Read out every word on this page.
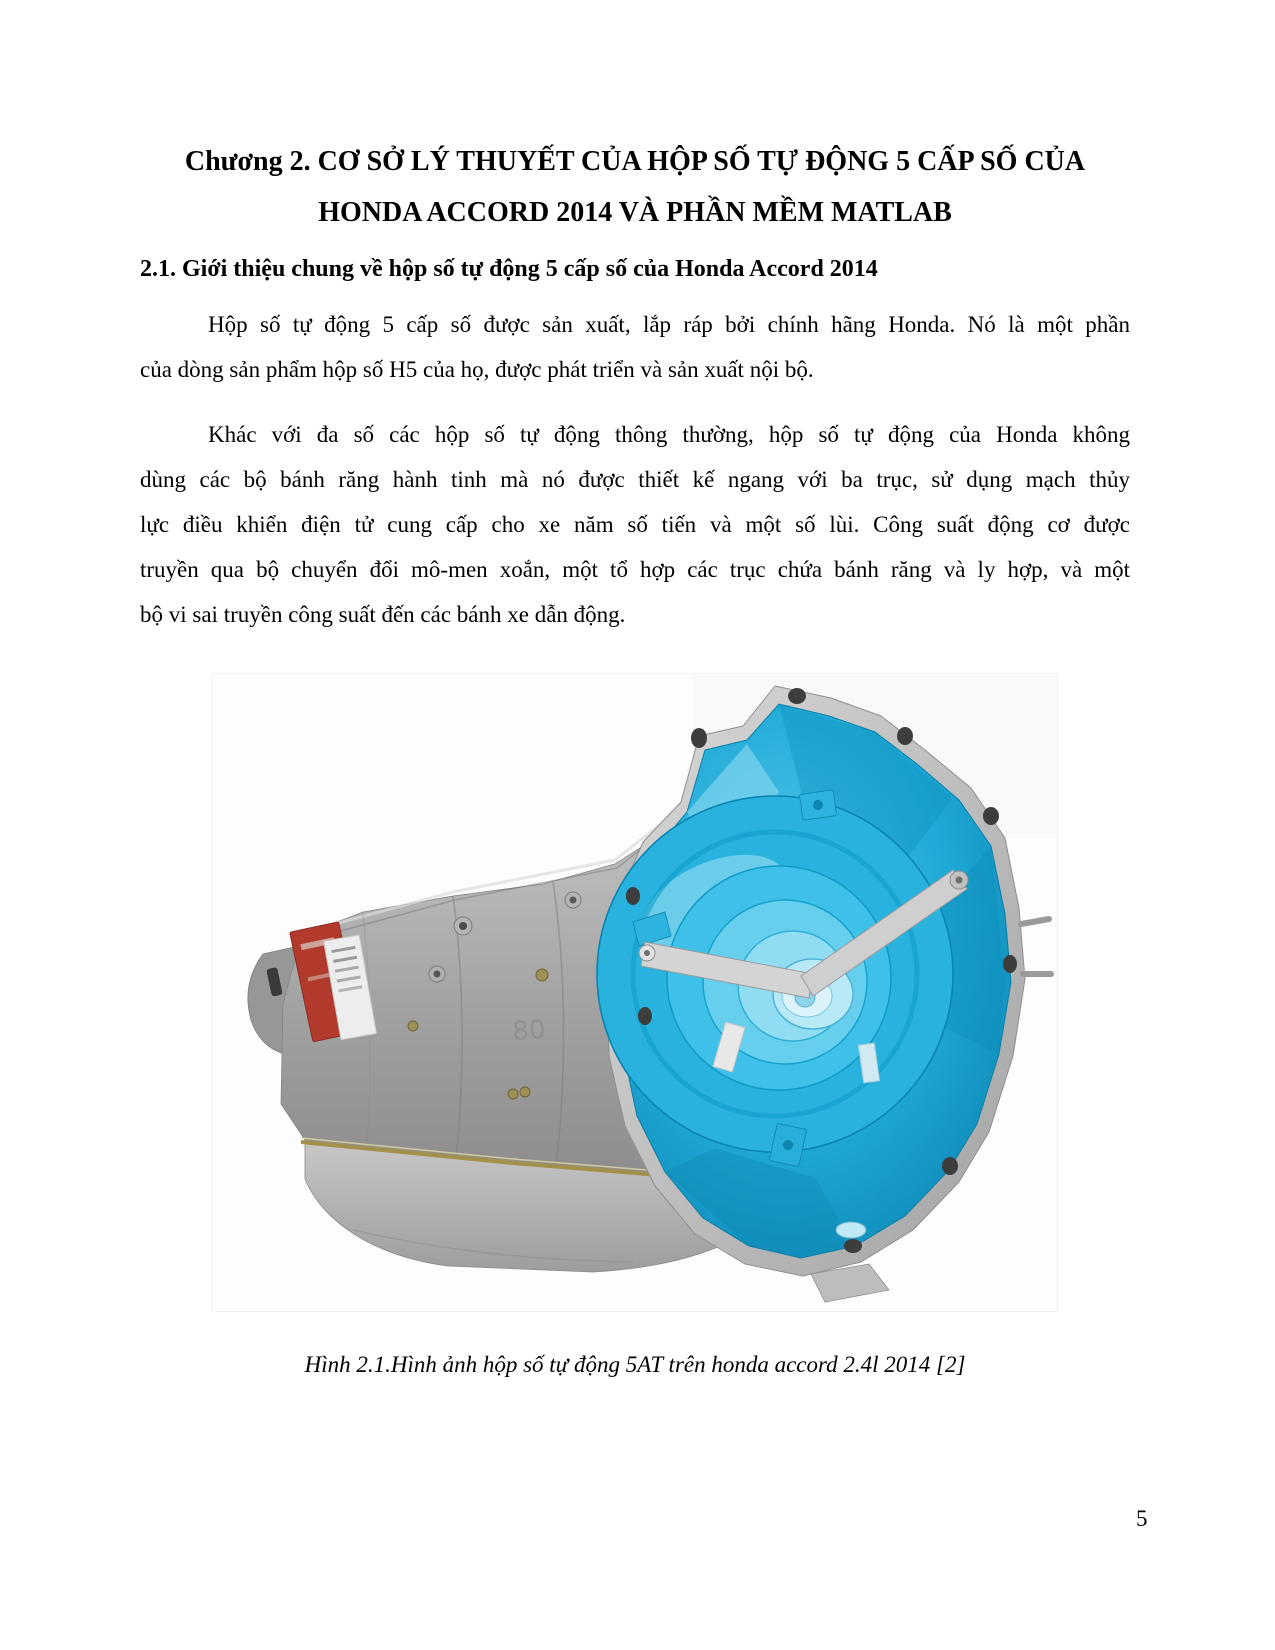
Chương 2. CƠ SỞ LÝ THUYẾT CỦA HỘP SỐ TỰ ĐỘNG 5 CẤP SỐ CỦA
HONDA ACCORD 2014 VÀ PHẦN MỀM MATLAB
2.1. Giới thiệu chung về hộp số tự động 5 cấp số của Honda Accord 2014
Hộp số tự động 5 cấp số được sản xuất, lắp ráp bởi chính hãng Honda. Nó là một phần
của dòng sản phẩm hộp số H5 của họ, được phát triển và sản xuất nội bộ.
Khác với đa số các hộp số tự động thông thường, hộp số tự động của Honda không
dùng các bộ bánh răng hành tinh mà nó được thiết kế ngang với ba trục, sử dụng mạch thủy
lực điều khiển điện tử cung cấp cho xe năm số tiến và một số lùi. Công suất động cơ được
truyền qua bộ chuyển đổi mô-men xoắn, một tổ hợp các trục chứa bánh răng và ly hợp, và một
bộ vi sai truyền công suất đến các bánh xe dẫn động.
80
Hình 2.1.Hình ảnh hộp số tự động 5AT trên honda accord 2.4l 2014 [2]
5
